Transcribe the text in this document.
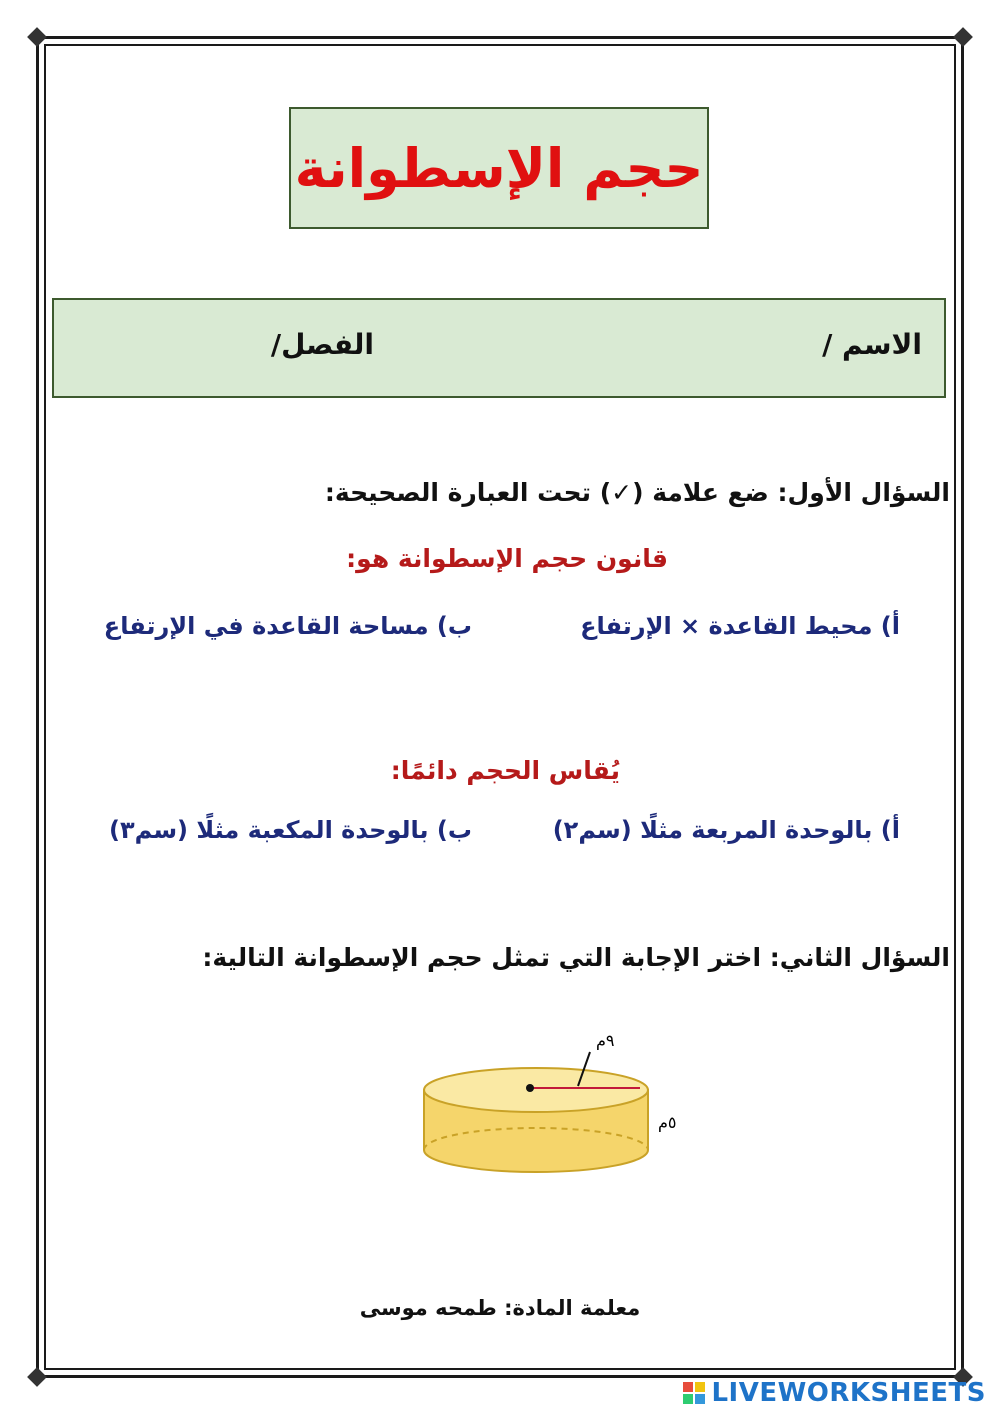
حجم الإسطوانة
الاسم /
الفصل/
السؤال الأول: ضع علامة (✓) تحت العبارة الصحيحة:
قانون حجم الإسطوانة هو:
أ) محيط القاعدة × الإرتفاع
ب) مساحة القاعدة في الإرتفاع
يُقاس الحجم دائمًا:
أ) بالوحدة المربعة مثلًا (سم٢)
ب) بالوحدة المكعبة مثلًا (سم٣)
السؤال الثاني: اختر الإجابة التي تمثل حجم الإسطوانة التالية:
٩م
٥م
معلمة المادة: طمحه موسى
LIVEWORKSHEETS
